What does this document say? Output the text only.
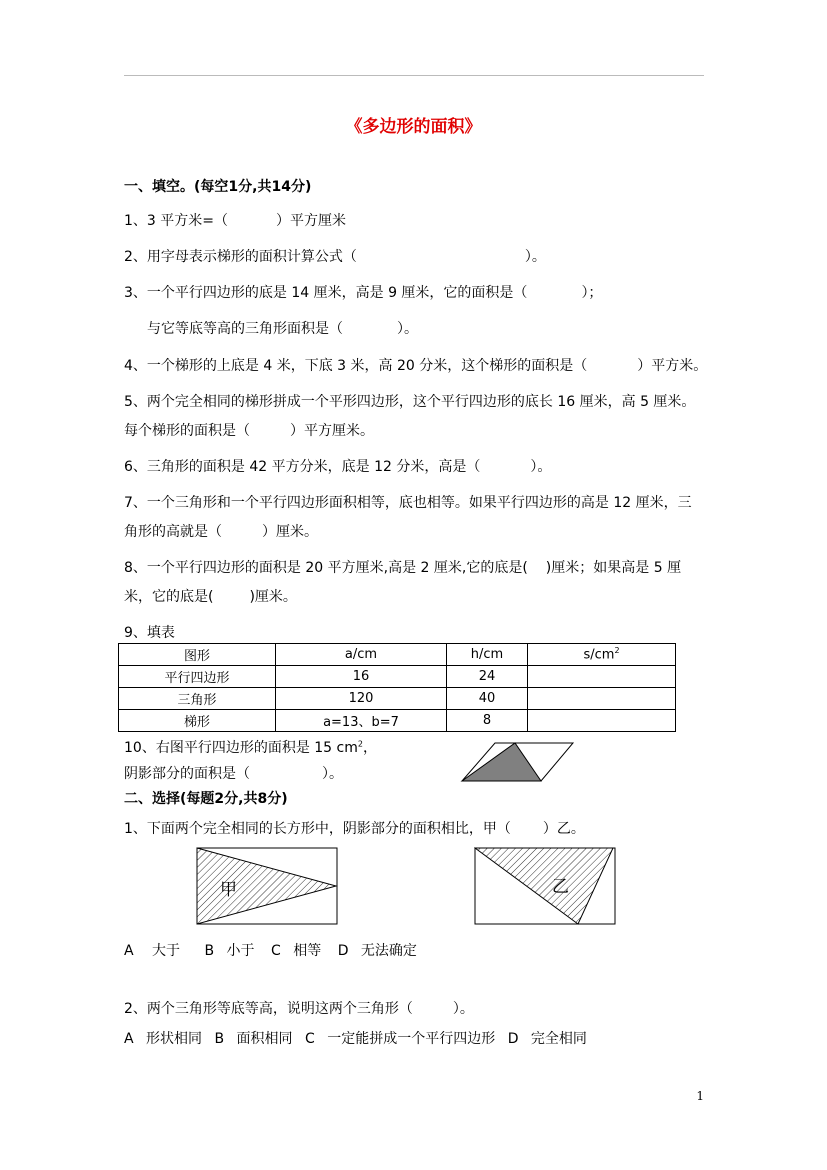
《多边形的面积》
一、填空。(每空1分,共14分)
1、3 平方米=（	）平方厘米
2、用字母表示梯形的面积计算公式（	）。
3、一个平行四边形的底是 14 厘米，高是 9 厘米，它的面积是（	）；
与它等底等高的三角形面积是（	）。
4、一个梯形的上底是 4 米，下底 3 米，高 20 分米，这个梯形的面积是（	）平方米。
5、两个完全相同的梯形拼成一个平形四边形，这个平行四边形的底长 16 厘米，高 5 厘米。
每个梯形的面积是（	）平方厘米。
6、三角形的面积是 42 平方分米，底是 12 分米，高是（	）。
7、一个三角形和一个平行四边形面积相等，底也相等。如果平行四边形的高是 12 厘米，三
角形的高就是（	）厘米。
8、一个平行四边形的面积是 20 平方厘米,高是 2 厘米,它的底是( )厘米；如果高是 5 厘
米，它的底是(	)厘米。
9、填表
图形	a/cm	h/cm	$s/cm^2$
平行四边形	16	24	
三角形	120	40	
梯形	a=13、b=7	8	
10、右图平行四边形的面积是 15 $cm^2$，
阴影部分的面积是（	）。
二、选择(每题2分,共8分)
1、下面两个完全相同的长方形中，阴影部分的面积相比，甲（ ）乙。
甲	乙
A 大于 B 小于 C 相等 D 无法确定
2、两个三角形等底等高，说明这两个三角形（	）。
A 形状相同 B 面积相同 C 一定能拼成一个平行四边形 D 完全相同
1
